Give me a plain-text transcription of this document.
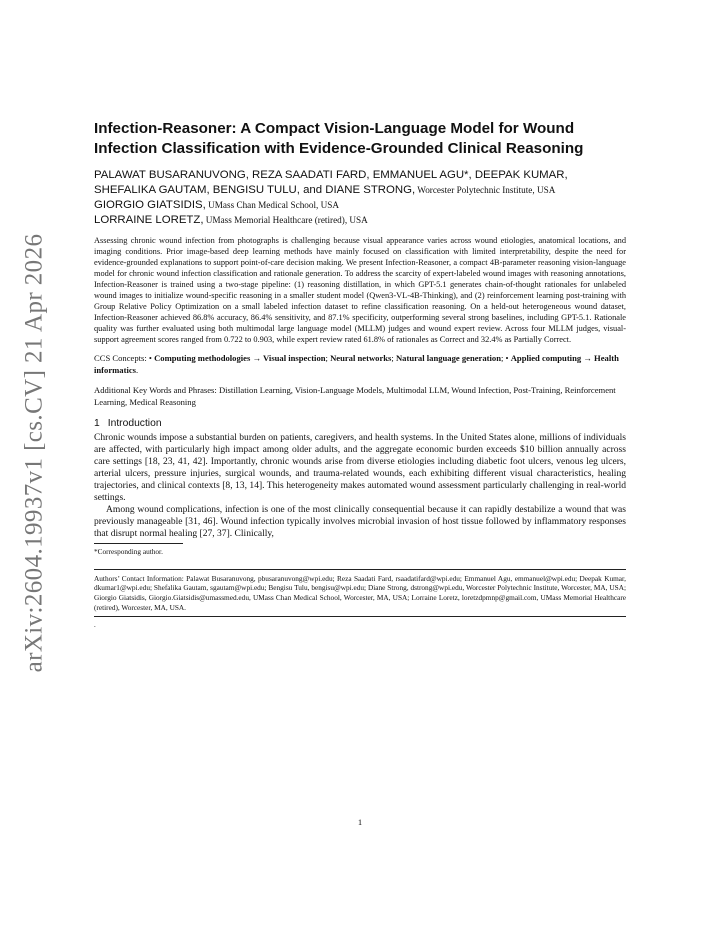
arXiv:2604.19937v1 [cs.CV] 21 Apr 2026
Infection-Reasoner: A Compact Vision-Language Model for Wound Infection Classification with Evidence-Grounded Clinical Reasoning
PALAWAT BUSARANUVONG, REZA SAADATI FARD, EMMANUEL AGU*, DEEPAK KUMAR, SHEFALIKA GAUTAM, BENGISU TULU, and DIANE STRONG, Worcester Polytechnic Institute, USA
GIORGIO GIATSIDIS, UMass Chan Medical School, USA
LORRAINE LORETZ, UMass Memorial Healthcare (retired), USA

Assessing chronic wound infection from photographs is challenging because visual appearance varies across wound etiologies, anatomical locations, and imaging conditions. Prior image-based deep learning methods have mainly focused on classification with limited interpretability, despite the need for evidence-grounded explanations to support point-of-care decision making. We present Infection-Reasoner, a compact 4B-parameter reasoning vision-language model for chronic wound infection classification and rationale generation. To address the scarcity of expert-labeled wound images with reasoning annotations, Infection-Reasoner is trained using a two-stage pipeline: (1) reasoning distillation, in which GPT-5.1 generates chain-of-thought rationales for unlabeled wound images to initialize wound-specific reasoning in a smaller student model (Qwen3-VL-4B-Thinking), and (2) reinforcement learning post-training with Group Relative Policy Optimization on a small labeled infection dataset to refine classification reasoning. On a held-out heterogeneous wound dataset, Infection-Reasoner achieved 86.8% accuracy, 86.4% sensitivity, and 87.1% specificity, outperforming several strong baselines, including GPT-5.1. Rationale quality was further evaluated using both multimodal large language model (MLLM) judges and wound expert review. Across four MLLM judges, visual-support agreement scores ranged from 0.722 to 0.903, while expert review rated 61.8% of rationales as Correct and 32.4% as Partially Correct.

CCS Concepts: • Computing methodologies → Visual inspection; Neural networks; Natural language generation; • Applied computing → Health informatics.

Additional Key Words and Phrases: Distillation Learning, Vision-Language Models, Multimodal LLM, Wound Infection, Post-Training, Reinforcement Learning, Medical Reasoning

1 Introduction

Chronic wounds impose a substantial burden on patients, caregivers, and health systems. In the United States alone, millions of individuals are affected, with particularly high impact among older adults, and the aggregate economic burden exceeds $10 billion annually across care settings [18, 23, 41, 42]. Importantly, chronic wounds arise from diverse etiologies including diabetic foot ulcers, venous leg ulcers, arterial ulcers, pressure injuries, surgical wounds, and trauma-related wounds, each exhibiting different visual characteristics, healing trajectories, and clinical contexts [8, 13, 14]. This heterogeneity makes automated wound assessment particularly challenging in real-world settings.

Among wound complications, infection is one of the most clinically consequential because it can rapidly destabilize a wound that was previously manageable [31, 46]. Wound infection typically involves microbial invasion of host tissue followed by inflammatory responses that disrupt normal healing [27, 37]. Clinically,

*Corresponding author.

Authors’ Contact Information: Palawat Busaranuvong, pbusaranuvong@wpi.edu; Reza Saadati Fard, rsaadatifard@wpi.edu; Emmanuel Agu, emmanuel@wpi.edu; Deepak Kumar, dkumar1@wpi.edu; Shefalika Gautam, sgautam@wpi.edu; Bengisu Tulu, bengisu@wpi.edu; Diane Strong, dstrong@wpi.edu, Worcester Polytechnic Institute, Worcester, MA, USA; Giorgio Giatsidis, Giorgio.Giatsidis@umassmed.edu, UMass Chan Medical School, Worcester, MA, USA; Lorraine Loretz, loretzdpmnp@gmail.com, UMass Memorial Healthcare (retired), Worcester, MA, USA.

.
1
